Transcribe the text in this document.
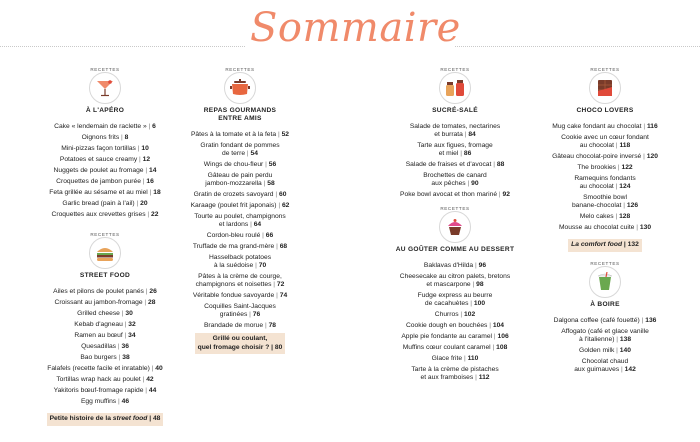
Sommaire
RECETTES
À L'APÉRO
Cake « lendemain de raclette » | 6
Oignons frits | 8
Mini-pizzas façon tortillas | 10
Potatoes et sauce creamy | 12
Nuggets de poulet au fromage | 14
Croquettes de jambon purée | 16
Feta grillée au sésame et au miel | 18
Garlic bread (pain à l'ail) | 20
Croquettes aux crevettes grises | 22
RECETTES
STREET FOOD
Ailes et pilons de poulet panés | 26
Croissant au jambon-fromage | 28
Grilled cheese | 30
Kebab d'agneau | 32
Ramen au bœuf | 34
Quesadillas | 36
Bao burgers | 38
Falafels (recette facile et inratable) | 40
Tortillas wrap hack au poulet | 42
Yakitoris bœuf-fromage rapide | 44
Egg muffins | 46
Petite histoire de la street food | 48
RECETTES
REPAS GOURMANDS
ENTRE AMIS
Pâtes à la tomate et à la feta | 52
Gratin fondant de pommes
de terre | 54
Wings de chou-fleur | 56
Gâteau de pain perdu
jambon-mozzarella | 58
Gratin de crozets savoyard | 60
Karaage (poulet frit japonais) | 62
Tourte au poulet, champignons
et lardons | 64
Cordon-bleu roulé | 66
Truffade de ma grand-mère | 68
Hasselback potatoes
à la suédoise | 70
Pâtes à la crème de courge,
champignons et noisettes | 72
Véritable fondue savoyarde | 74
Coquilles Saint-Jacques
gratinées | 76
Brandade de morue | 78
Grillé ou coulant,
quel fromage choisir ? | 80
RECETTES
SUCRÉ-SALÉ
Salade de tomates, nectarines
et burrata | 84
Tarte aux figues, fromage
et miel | 86
Salade de fraises et d'avocat | 88
Brochettes de canard
aux pêches | 90
Poke bowl avocat et thon mariné | 92
RECETTES
AU GOÛTER COMME AU DESSERT
Baklavas d'Hilda | 96
Cheesecake au citron palets, bretons
et mascarpone | 98
Fudge express au beurre
de cacahuètes | 100
Churros | 102
Cookie dough en bouchées | 104
Apple pie fondante au caramel | 106
Muffins cœur coulant caramel | 108
Glace frite | 110
Tarte à la crème de pistaches
et aux framboises | 112
RECETTES
CHOCO LOVERS
Mug cake fondant au chocolat | 116
Cookie avec un cœur fondant
au chocolat | 118
Gâteau chocolat-poire inversé | 120
The brookies | 122
Ramequins fondants
au chocolat | 124
Smoothie bowl
banane-chocolat | 126
Melo cakes | 128
Mousse au chocolat cuite | 130
La comfort food | 132
RECETTES
À BOIRE
Dalgona coffee (café fouetté) | 136
Affogato (café et glace vanille
à l'italienne) | 138
Golden milk | 140
Chocolat chaud
aux guimauves | 142
